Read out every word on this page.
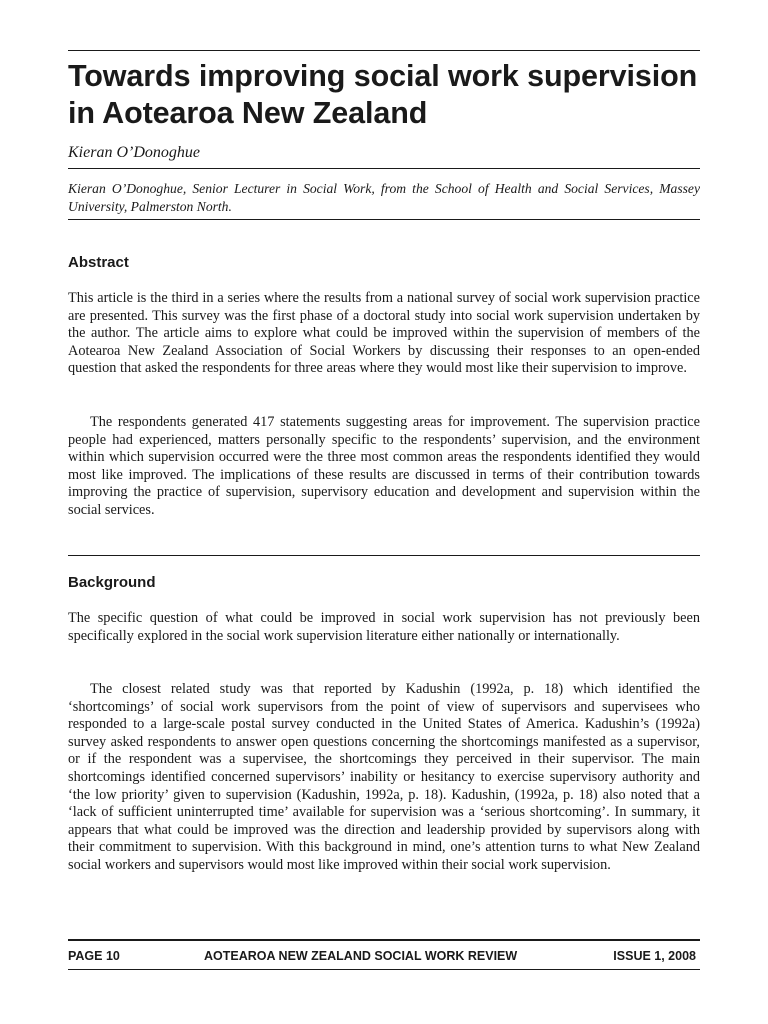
Towards improving social work supervision in Aotearoa New Zealand
Kieran O’Donoghue
Kieran O’Donoghue, Senior Lecturer in Social Work, from the School of Health and Social Services, Massey University, Palmerston North.
Abstract

This article is the third in a series where the results from a national survey of social work supervision practice are presented. This survey was the first phase of a doctoral study into social work supervision undertaken by the author. The article aims to explore what could be improved within the supervision of members of the Aotearoa New Zealand Association of Social Workers by discussing their responses to an open-ended question that asked the respondents for three areas where they would most like their supervision to improve.

The respondents generated 417 statements suggesting areas for improvement. The supervision practice people had experienced, matters personally specific to the respondents’ supervision, and the environment within which supervision occurred were the three most common areas the respondents identified they would most like improved. The implications of these results are discussed in terms of their contribution towards improving the practice of supervision, supervisory education and development and supervision within the social services.

Background

The specific question of what could be improved in social work supervision has not previously been specifically explored in the social work supervision literature either nationally or internationally.

The closest related study was that reported by Kadushin (1992a, p. 18) which identified the ‘shortcomings’ of social work supervisors from the point of view of supervisors and supervisees who responded to a large-scale postal survey conducted in the United States of America. Kadushin’s (1992a) survey asked respondents to answer open questions concerning the shortcomings manifested as a supervisor, or if the respondent was a supervisee, the shortcomings they perceived in their supervisor. The main shortcomings identified concerned supervisors’ inability or hesitancy to exercise supervisory authority and ‘the low priority’ given to supervision (Kadushin, 1992a, p. 18). Kadushin, (1992a, p. 18) also noted that a ‘lack of sufficient uninterrupted time’ available for supervision was a ‘serious shortcoming’. In summary, it appears that what could be improved was the direction and leadership provided by supervisors along with their commitment to supervision. With this background in mind, one’s attention turns to what New Zealand social workers and supervisors would most like improved within their social work supervision.

PAGE 10	AOTEAROA NEW ZEALAND SOCIAL WORK REVIEW	ISSUE 1, 2008
